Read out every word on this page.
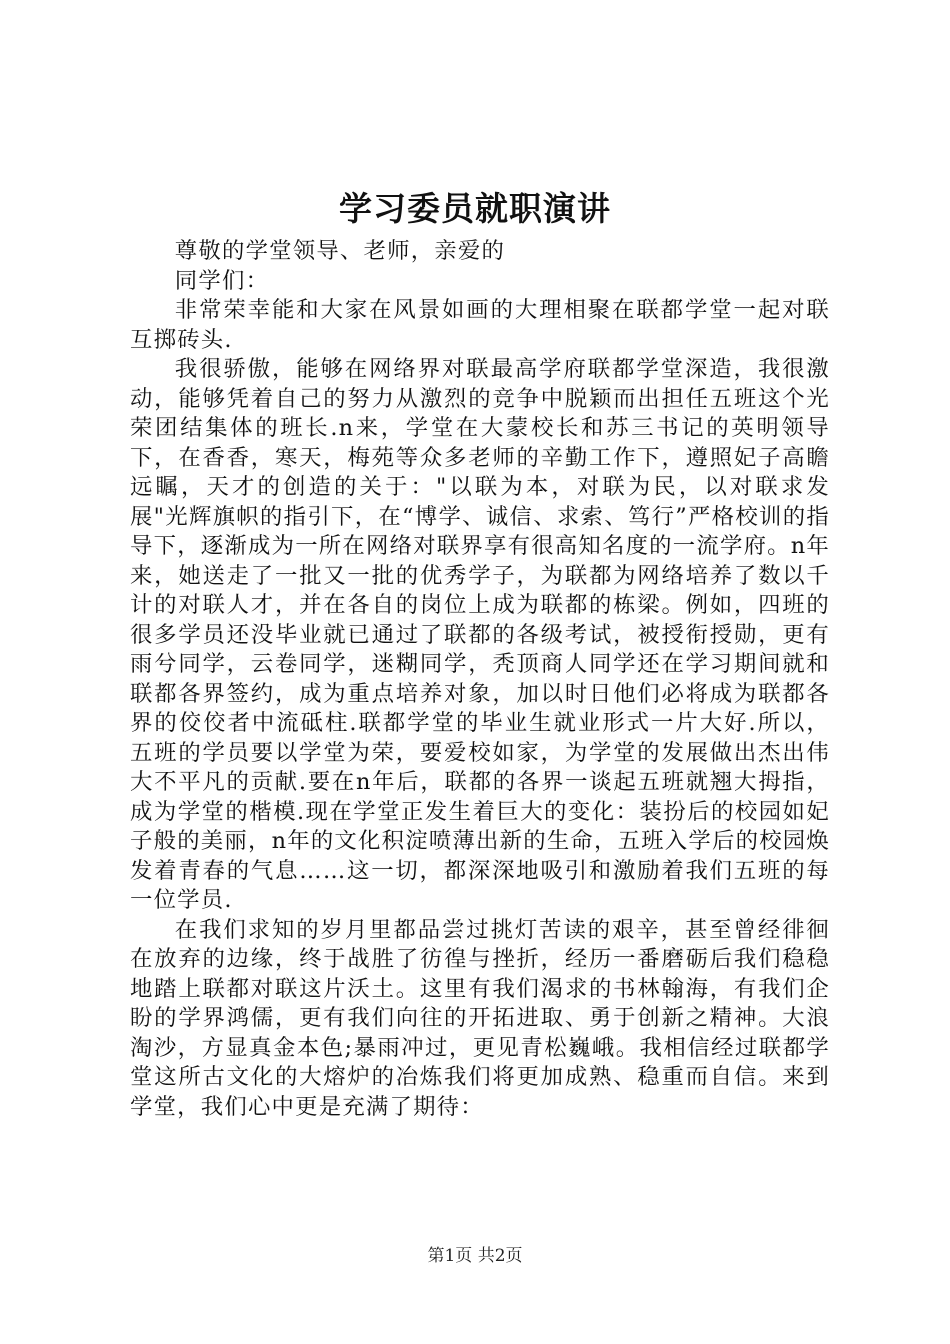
学习委员就职演讲

尊敬的学堂领导、老师，亲爱的

同学们：

非常荣幸能和大家在风景如画的大理相聚在联都学堂一起对联互掷砖头.

我很骄傲，能够在网络界对联最高学府联都学堂深造，我很激动，能够凭着自己的努力从激烈的竞争中脱颖而出担任五班这个光荣团结集体的班长.n来，学堂在大蒙校长和苏三书记的英明领导下，在香香，寒天，梅苑等众多老师的辛勤工作下，遵照妃子高瞻远瞩，天才的创造的关于："以联为本，对联为民，以对联求发展"光辉旗帜的指引下，在“博学、诚信、求索、笃行”严格校训的指导下，逐渐成为一所在网络对联界享有很高知名度的一流学府。n年来，她送走了一批又一批的优秀学子，为联都为网络培养了数以千计的对联人才，并在各自的岗位上成为联都的栋梁。例如，四班的很多学员还没毕业就已通过了联都的各级考试，被授衔授勋，更有雨兮同学，云卷同学，迷糊同学，秃顶商人同学还在学习期间就和联都各界签约，成为重点培养对象，加以时日他们必将成为联都各界的佼佼者中流砥柱.联都学堂的毕业生就业形式一片大好.所以，五班的学员要以学堂为荣，要爱校如家，为学堂的发展做出杰出伟大不平凡的贡献.要在n年后，联都的各界一谈起五班就翘大拇指，成为学堂的楷模.现在学堂正发生着巨大的变化：装扮后的校园如妃子般的美丽，n年的文化积淀喷薄出新的生命，五班入学后的校园焕发着青春的气息……这一切，都深深地吸引和激励着我们五班的每一位学员.

在我们求知的岁月里都品尝过挑灯苦读的艰辛，甚至曾经徘徊在放弃的边缘，终于战胜了彷徨与挫折，经历一番磨砺后我们稳稳地踏上联都对联这片沃土。这里有我们渴求的书林翰海，有我们企盼的学界鸿儒，更有我们向往的开拓进取、勇于创新之精神。大浪淘沙，方显真金本色;暴雨冲过，更见青松巍峨。我相信经过联都学堂这所古文化的大熔炉的冶炼我们将更加成熟、稳重而自信。来到学堂，我们心中更是充满了期待：

第1页 共2页
